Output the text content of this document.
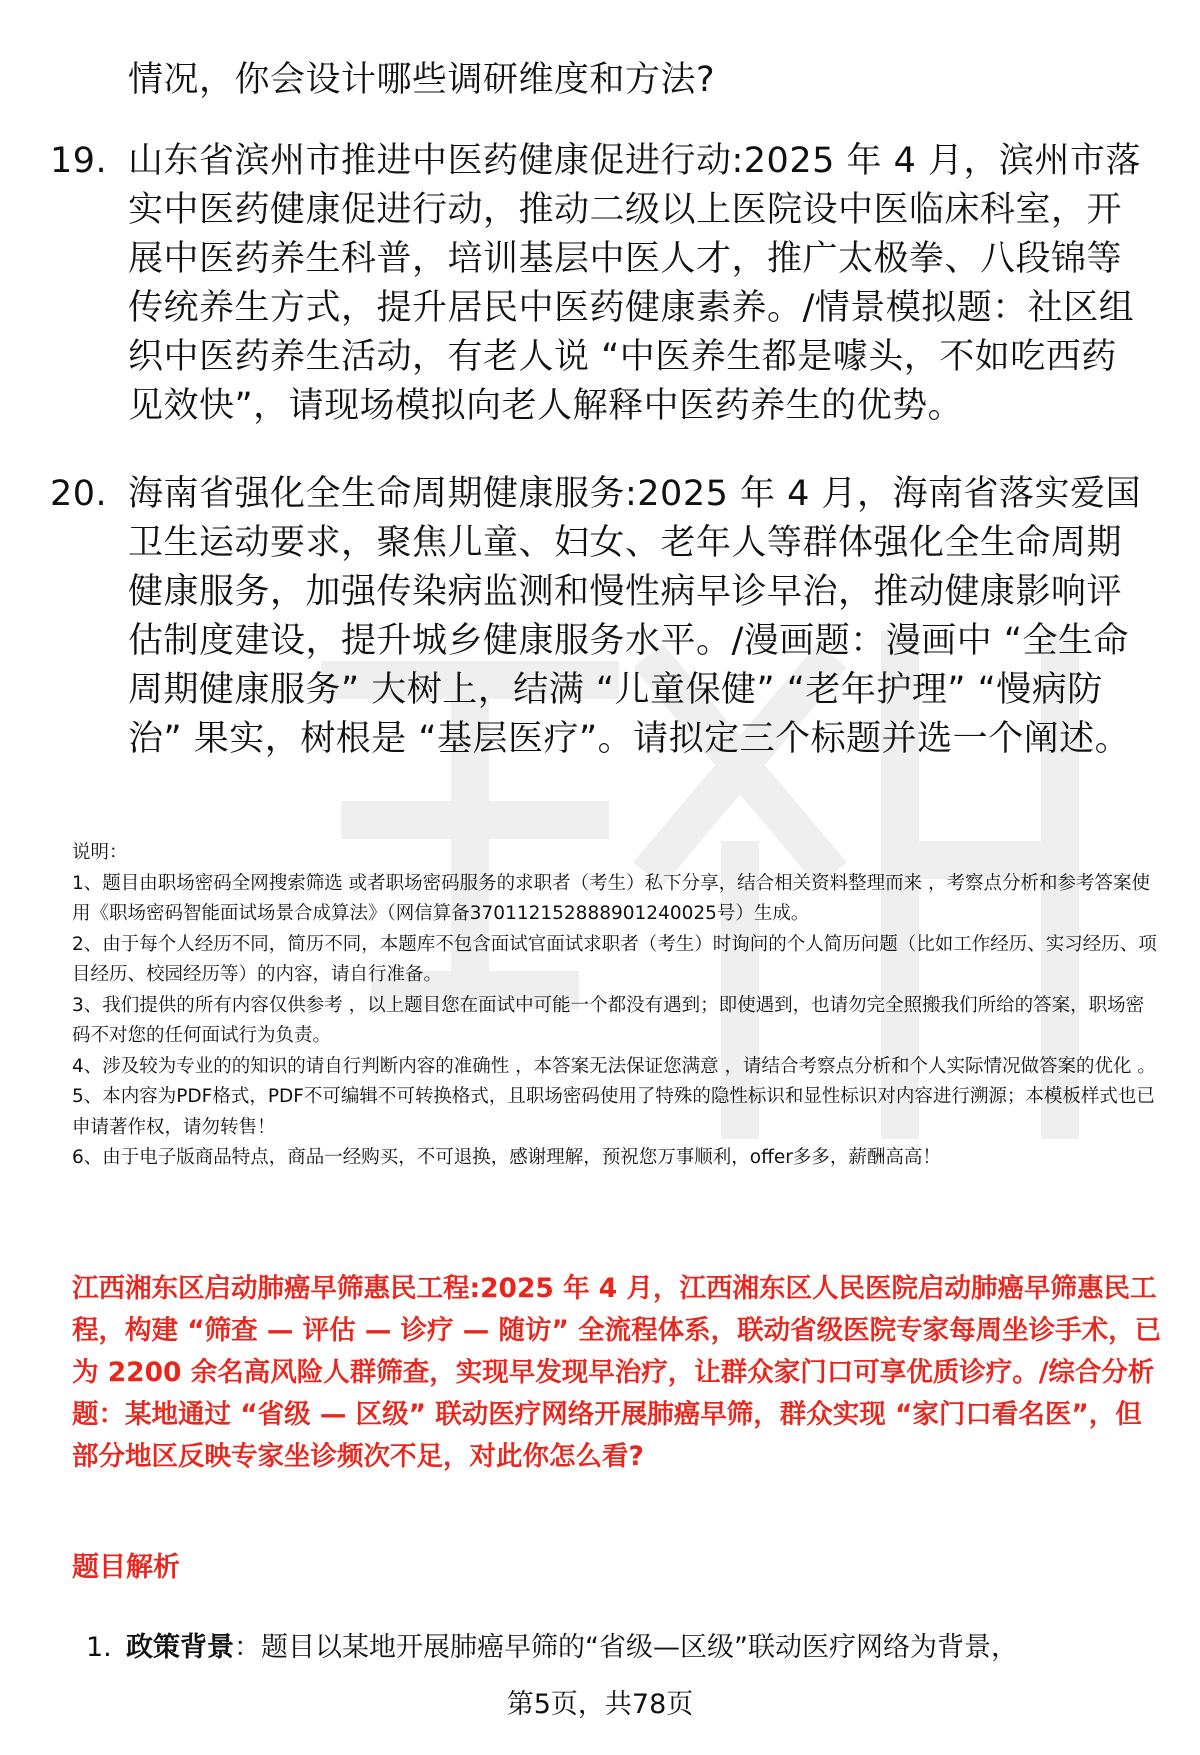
情况，你会设计哪些调研维度和方法?

19. 山东省滨州市推进中医药健康促进行动:2025 年 4 月，滨州市落实中医药健康促进行动，推动二级以上医院设中医临床科室，开展中医药养生科普，培训基层中医人才，推广太极拳、八段锦等传统养生方式，提升居民中医药健康素养。/情景模拟题：社区组织中医药养生活动，有老人说 “中医养生都是噱头，不如吃西药见效快”，请现场模拟向老人解释中医药养生的优势。

20. 海南省强化全生命周期健康服务:2025 年 4 月，海南省落实爱国卫生运动要求，聚焦儿童、妇女、老年人等群体强化全生命周期健康服务，加强传染病监测和慢性病早诊早治，推动健康影响评估制度建设，提升城乡健康服务水平。/漫画题：漫画中 “全生命周期健康服务” 大树上，结满 “儿童保健” “老年护理” “慢病防治” 果实，树根是 “基层医疗”。请拟定三个标题并选一个阐述。

说明：

1、题目由职场密码全网搜索筛选 或者职场密码服务的求职者（考生）私下分享，结合相关资料整理而来 ，考察点分析和参考答案使用《职场密码智能面试场景合成算法》（网信算备370112152888901240025号）生成。

2、由于每个人经历不同，简历不同，本题库不包含面试官面试求职者（考生）时询问的个人简历问题（比如工作经历、实习经历、项目经历、校园经历等）的内容，请自行准备。

3、我们提供的所有内容仅供参考 ，以上题目您在面试中可能一个都没有遇到；即使遇到，也请勿完全照搬我们所给的答案，职场密码不对您的任何面试行为负责。

4、涉及较为专业的的知识的请自行判断内容的准确性 ，本答案无法保证您满意 ，请结合考察点分析和个人实际情况做答案的优化 。

5、本内容为PDF格式，PDF不可编辑不可转换格式，且职场密码使用了特殊的隐性标识和显性标识对内容进行溯源；本模板样式也已申请著作权，请勿转售！

6、由于电子版商品特点，商品一经购买，不可退换，感谢理解，预祝您万事顺利，offer多多，薪酬高高！

江西湘东区启动肺癌早筛惠民工程:2025 年 4 月，江西湘东区人民医院启动肺癌早筛惠民工程，构建 “筛查 — 评估 — 诊疗 — 随访” 全流程体系，联动省级医院专家每周坐诊手术，已为 2200 余名高风险人群筛查，实现早发现早治疗，让群众家门口可享优质诊疗。/综合分析题：某地通过 “省级 — 区级” 联动医疗网络开展肺癌早筛，群众实现 “家门口看名医”，但部分地区反映专家坐诊频次不足，对此你怎么看?

题目解析

1. 政策背景：题目以某地开展肺癌早筛的“省级—区级”联动医疗网络为背景，
第5页，共78页
